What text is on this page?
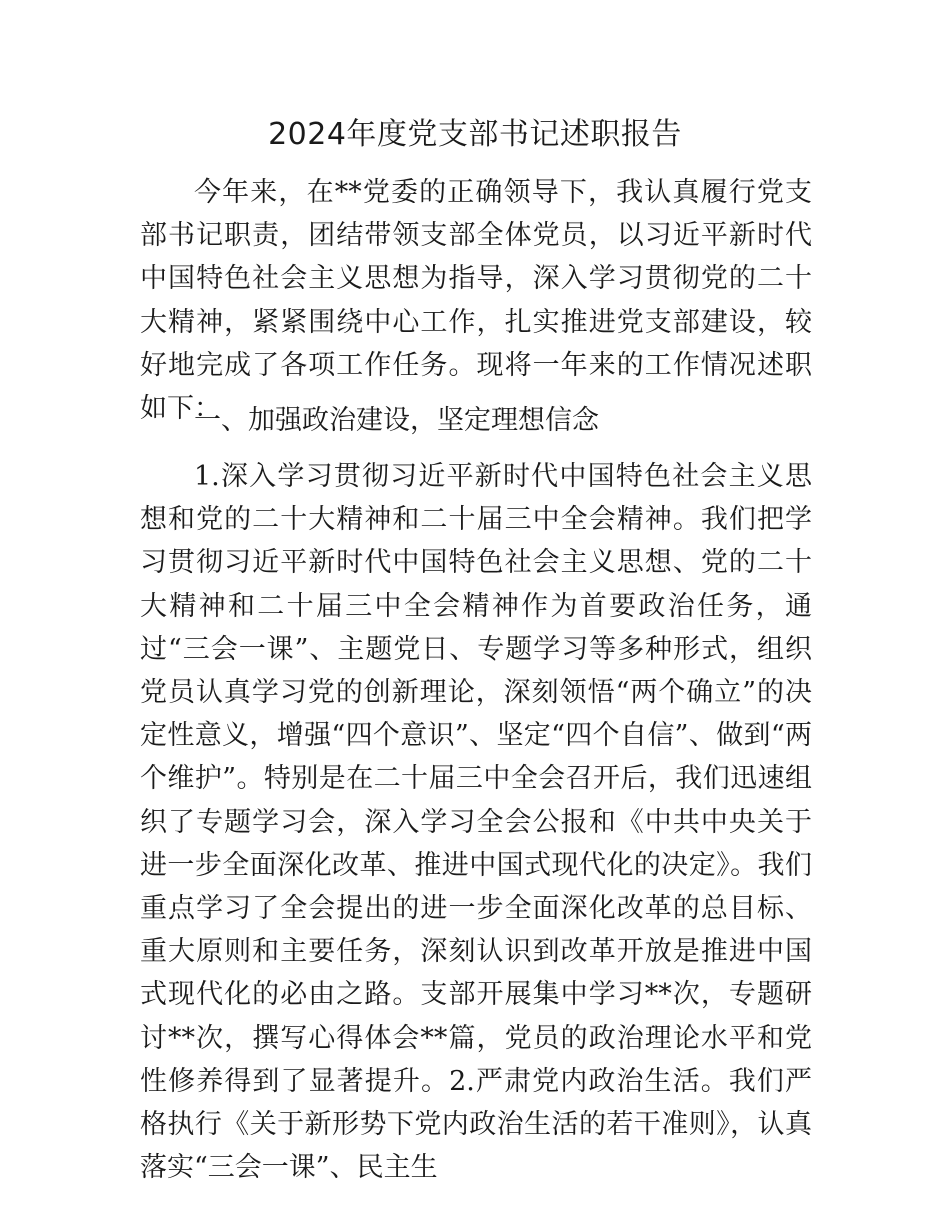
2024年度党支部书记述职报告

今年来，在**党委的正确领导下，我认真履行党支部书记职责，团结带领支部全体党员，以习近平新时代中国特色社会主义思想为指导，深入学习贯彻党的二十大精神，紧紧围绕中心工作，扎实推进党支部建设，较好地完成了各项工作任务。现将一年来的工作情况述职如下：

一、加强政治建设，坚定理想信念

1.深入学习贯彻习近平新时代中国特色社会主义思想和党的二十大精神和二十届三中全会精神。我们把学习贯彻习近平新时代中国特色社会主义思想、党的二十大精神和二十届三中全会精神作为首要政治任务，通过“三会一课”、主题党日、专题学习等多种形式，组织党员认真学习党的创新理论，深刻领悟“两个确立”的决定性意义，增强“四个意识”、坚定“四个自信”、做到“两个维护”。特别是在二十届三中全会召开后，我们迅速组织了专题学习会，深入学习全会公报和《中共中央关于进一步全面深化改革、推进中国式现代化的决定》。我们重点学习了全会提出的进一步全面深化改革的总目标、重大原则和主要任务，深刻认识到改革开放是推进中国式现代化的必由之路。支部开展集中学习**次，专题研讨**次，撰写心得体会**篇，党员的政治理论水平和党性修养得到了显著提升。2.严肃党内政治生活。我们严格执行《关于新形势下党内政治生活的若干准则》，认真落实“三会一课”、民主生
